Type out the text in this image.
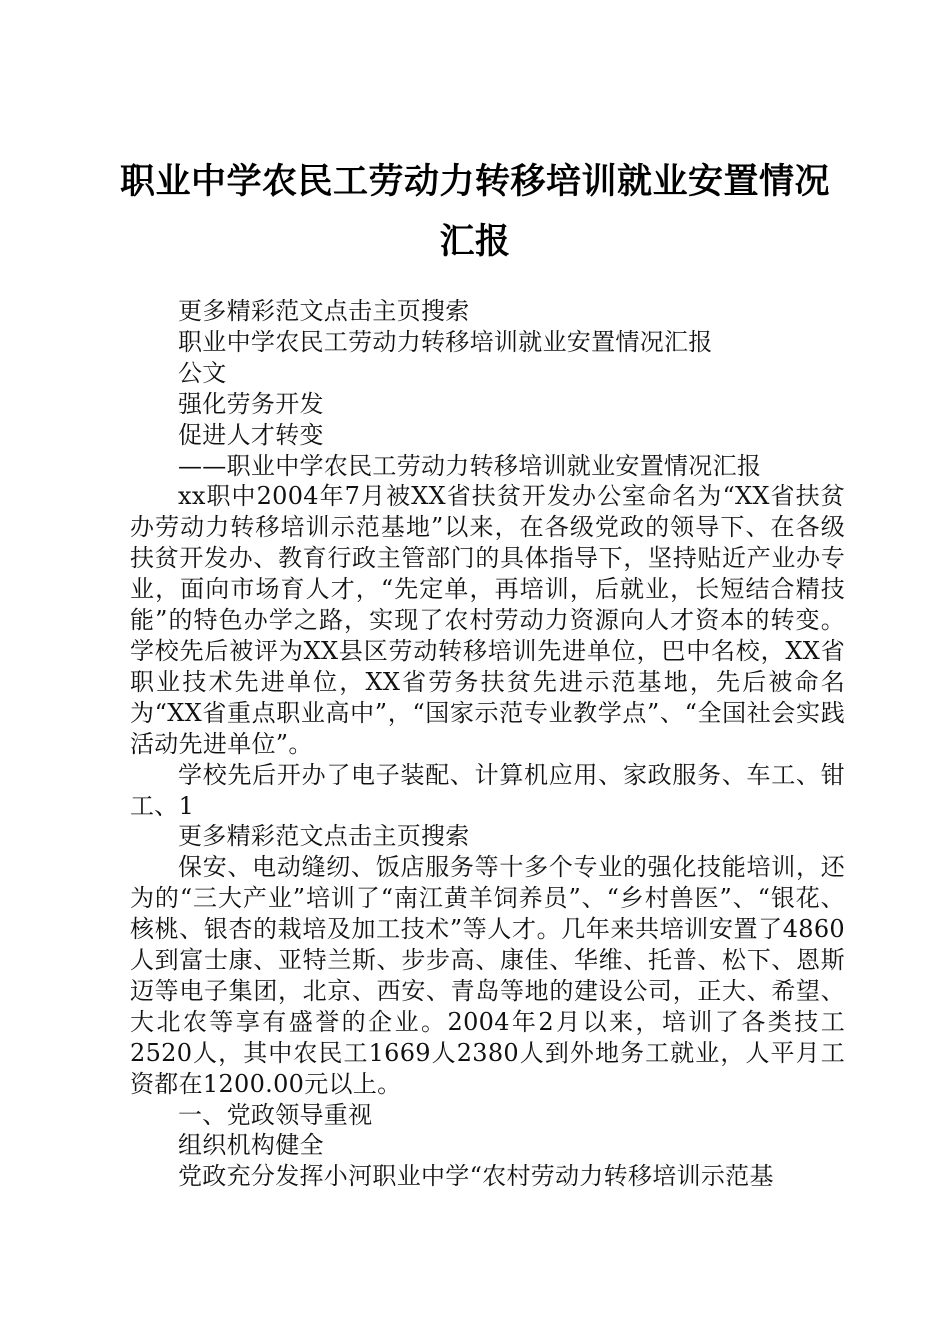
职业中学农民工劳动力转移培训就业安置情况
汇报

更多精彩范文点击主页搜索

职业中学农民工劳动力转移培训就业安置情况汇报

公文

强化劳务开发

促进人才转变

——职业中学农民工劳动力转移培训就业安置情况汇报

xx职中2004年7月被XX省扶贫开发办公室命名为“XX省扶贫办劳动力转移培训示范基地”以来，在各级党政的领导下、在各级扶贫开发办、教育行政主管部门的具体指导下，坚持贴近产业办专业，面向市场育人才，“先定单，再培训，后就业，长短结合精技能”的特色办学之路，实现了农村劳动力资源向人才资本的转变。学校先后被评为XX县区劳动转移培训先进单位，巴中名校，XX省职业技术先进单位，XX省劳务扶贫先进示范基地，先后被命名为“XX省重点职业高中”，“国家示范专业教学点”、“全国社会实践活动先进单位”。

学校先后开办了电子装配、计算机应用、家政服务、车工、钳工、1

更多精彩范文点击主页搜索

保安、电动缝纫、饭店服务等十多个专业的强化技能培训，还为的“三大产业”培训了“南江黄羊饲养员”、“乡村兽医”、“银花、核桃、银杏的栽培及加工技术”等人才。几年来共培训安置了4860人到富士康、亚特兰斯、步步高、康佳、华维、托普、松下、恩斯迈等电子集团，北京、西安、青岛等地的建设公司，正大、希望、大北农等享有盛誉的企业。2004年2月以来，培训了各类技工2520人，其中农民工1669人2380人到外地务工就业，人平月工资都在1200.00元以上。

一、党政领导重视

组织机构健全

党政充分发挥小河职业中学“农村劳动力转移培训示范基
